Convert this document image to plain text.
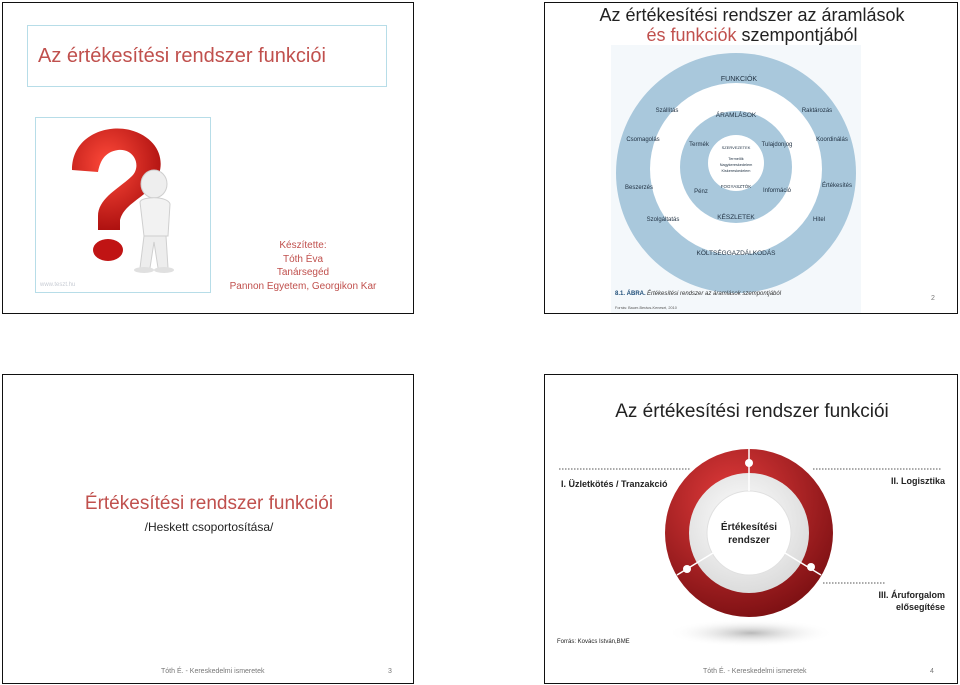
Az értékesítési rendszer funkciói
www.teszt.hu
Készítette:
Tóth Éva
Tanársegéd
Pannon Egyetem, Georgikon Kar
Az értékesítési rendszer az áramlások
és funkciók szempontjából
FUNKCIÓK
ÁRAMLÁSOK
SZERVEZETEK
Termelők
Nagykereskedelem
Kiskereskedelem
FOGYASZTÓK
KÉSZLETEK
KÖLTSÉGGAZDÁLKODÁS
Szállítás	Raktározás
Csomagolás	Koordinálás
Beszerzés	Értékesítés
Szolgáltatás	Hitel
Termék	Tulajdonjog
Pénz	Információ
8.1. ÁBRA. Értékesítési rendszer az áramlások szempontjából
Forrás: Bauer-Berács-Kenesei, 2010
2
Értékesítési rendszer funkciói
/Heskett csoportosítása/
Tóth É. - Kereskedelmi ismeretek	3
Az értékesítési rendszer funkciói
I. Üzletkötés / Tranzakció	II. Logisztika
III. Áruforgalom
elősegítése
Értékesítési
rendszer
Forrás: Kovács István,BME
Tóth É. - Kereskedelmi ismeretek	4
